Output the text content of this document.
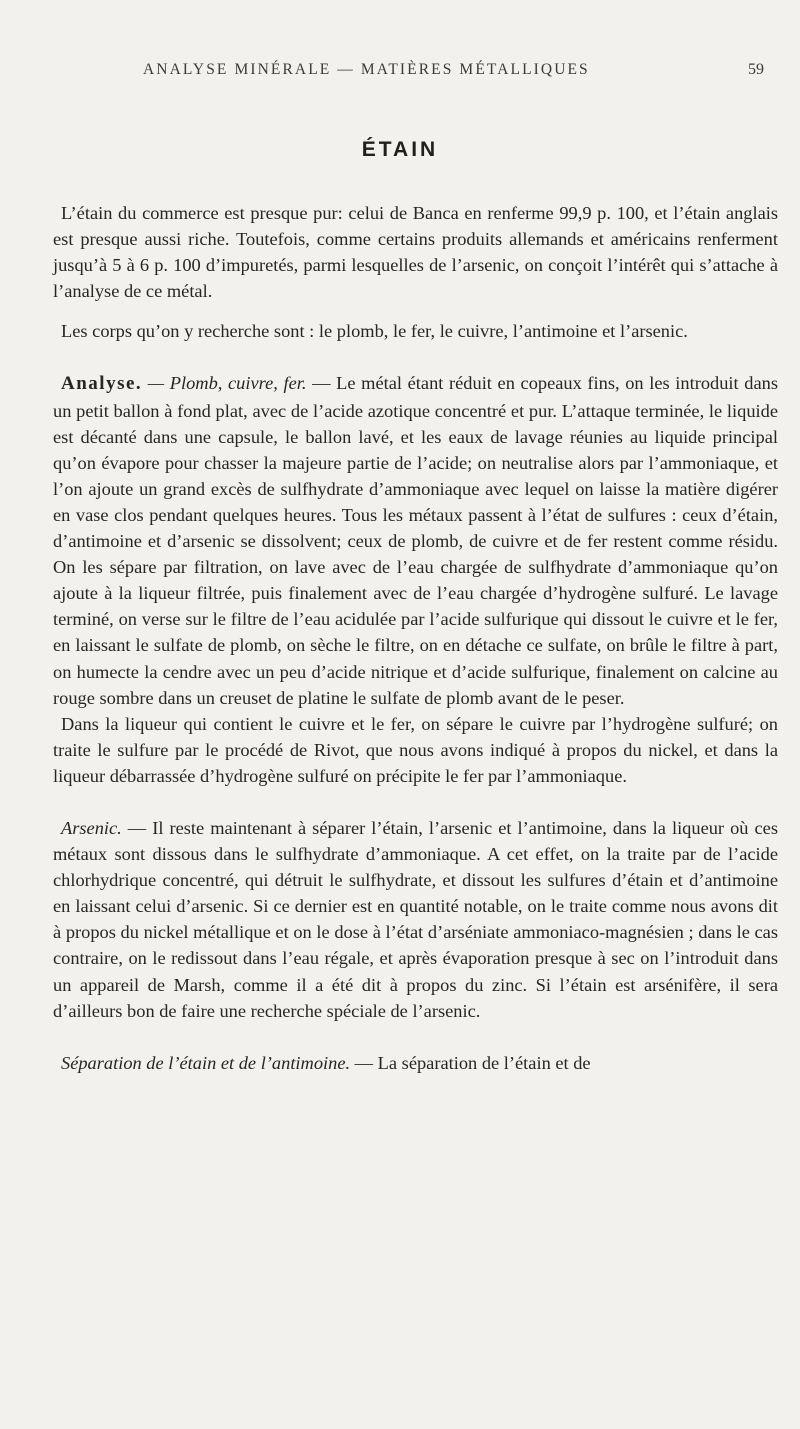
ANALYSE MINÉRALE — MATIÈRES MÉTALLIQUES	59
ÉTAIN

L’étain du commerce est presque pur: celui de Banca en renferme 99,9 p. 100, et l’étain anglais est presque aussi riche. Toutefois, comme certains produits allemands et américains renferment jusqu’à 5 à 6 p. 100 d’impuretés, parmi lesquelles de l’arsenic, on conçoit l’intérêt qui s’attache à l’analyse de ce métal.

Les corps qu’on y recherche sont : le plomb, le fer, le cuivre, l’antimoine et l’arsenic.

Analyse. — Plomb, cuivre, fer. — Le métal étant réduit en copeaux fins, on les introduit dans un petit ballon à fond plat, avec de l’acide azotique concentré et pur. L’attaque terminée, le liquide est décanté dans une capsule, le ballon lavé, et les eaux de lavage réunies au liquide principal qu’on évapore pour chasser la majeure partie de l’acide; on neutralise alors par l’ammoniaque, et l’on ajoute un grand excès de sulfhydrate d’ammoniaque avec lequel on laisse la matière digérer en vase clos pendant quelques heures. Tous les métaux passent à l’état de sulfures : ceux d’étain, d’antimoine et d’arsenic se dissolvent; ceux de plomb, de cuivre et de fer restent comme résidu. On les sépare par filtration, on lave avec de l’eau chargée de sulfhydrate d’ammoniaque qu’on ajoute à la liqueur filtrée, puis finalement avec de l’eau chargée d’hydrogène sulfuré. Le lavage terminé, on verse sur le filtre de l’eau acidulée par l’acide sulfurique qui dissout le cuivre et le fer, en laissant le sulfate de plomb, on sèche le filtre, on en détache ce sulfate, on brûle le filtre à part, on humecte la cendre avec un peu d’acide nitrique et d’acide sulfurique, finalement on calcine au rouge sombre dans un creuset de platine le sulfate de plomb avant de le peser.

Dans la liqueur qui contient le cuivre et le fer, on sépare le cuivre par l’hydrogène sulfuré; on traite le sulfure par le procédé de Rivot, que nous avons indiqué à propos du nickel, et dans la liqueur débarrassée d’hydrogène sulfuré on précipite le fer par l’ammoniaque.

Arsenic. — Il reste maintenant à séparer l’étain, l’arsenic et l’antimoine, dans la liqueur où ces métaux sont dissous dans le sulfhydrate d’ammoniaque. A cet effet, on la traite par de l’acide chlorhydrique concentré, qui détruit le sulfhydrate, et dissout les sulfures d’étain et d’antimoine en laissant celui d’arsenic. Si ce dernier est en quantité notable, on le traite comme nous avons dit à propos du nickel métallique et on le dose à l’état d’arséniate ammoniaco-magnésien ; dans le cas contraire, on le redissout dans l’eau régale, et après évaporation presque à sec on l’introduit dans un appareil de Marsh, comme il a été dit à propos du zinc. Si l’étain est arsénifère, il sera d’ailleurs bon de faire une recherche spéciale de l’arsenic.

Séparation de l’étain et de l’antimoine. — La séparation de l’étain et de
